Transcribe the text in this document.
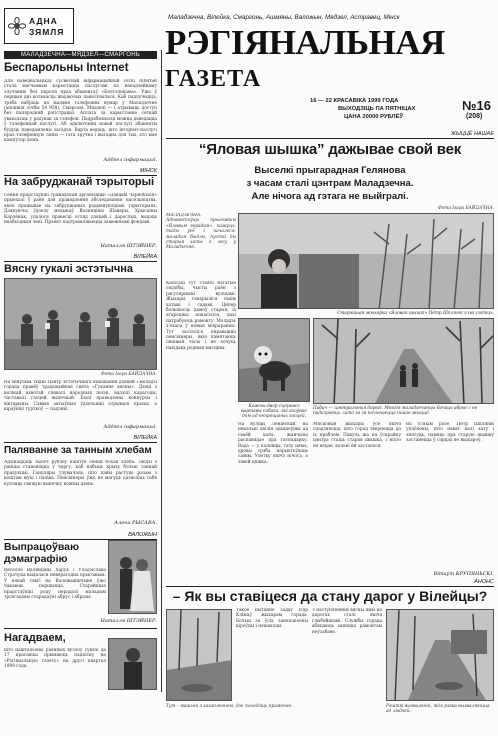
АДНА
ЗЯМЛЯ
Маладзечна, Вілейка, Смаргонь, Ашмяны, Валожын, Мядзел, Астравец, Мінск
РЭГІЯНАЛЬНАЯ
ГАЗЕТА
16 — 22 КРАСАВІКА 1999 ГОДА
ВЫХОДЗІЦЬ ПА ПЯТНІЦАХ
ЦАНА 20000 РУБЛЁЎ
№16
(208)
МАЛАДЗЕЧНА—МЯДЗЕЛ—СМАРГОНЬ
Беспарольны Internet
Для наведвальнікаў сусветнай інфармацыйнай сеткі Internet стала магчымым карыстацца паслугамі па ненадзейнаму злучэнню без пароля праз абанентаў «Белтэлекама». Ужо ў першыя дні колькасць жадаючых павялічылася. Каб падлучыцца, трэба набраць на мадэме тэлефонны нумар у Маладзечне (апошнія лічбы 54 958), Смаргоні, Мядзелі — і атрымаць доступ без папярэдняй рэгістрацыі. Аплата за карыстанне сеткай уваходзіць у рахунак за тэлефон. Падрабязнасці можна даведацца ў тэлефоннай паслугі. Аб адключэнні новай паслугі абаненты будуць паведамлены загадзя. Варта ведаць, што інтэрнэт-паслугі праз тэлефонную лінію — гэта зручна і выгадна для тых, хто мае кампутар дома.
Аддзел інфармацыі.
МІНСК
На забруджанай тэрыторыі
Сёння прадстаўнікі грамадскай арганізацыі «Дзецям Чарнобыля» прыехалі ў раён для правядзення абследавання насельніцтва, якое пражывае на забруджаных радыенуклідамі тэрыторыях. Дзякуючы ўдзелу медыкаў Валянціны Шавяры, Хрысціны Карлёнак, удалося правесці огляд дзяцей і дарослых, выдаць неабходныя лекі. Праект падтрымліваецца замежнымі фондамі.
Наталля ШТЭЙНЕР.
ВІЛЕЙКА
Вясну гукалі эстэтычна
Фота Ігара БАЙДАЧНА.
На мінулым тыдні Цэнтр эстэтычнага выхавання дзяцей і моладзі горада правёў традыцыйнае свята «Гуканне вясны». Дзеці з вялікай ахвотай спявалі народныя песні, вадзілі карагоды, частавалі гасцей выпечкай. Былі праведзены конкурсы і віктарыны. Самыя актыўныя ўдзельнікі атрымалі прызы, а кіраўнікі гурткоў — падзякі.
Аддзел інфармацыі.
ВІЛЕЙКА
Паляванне за танным хлебам
Адзінаццаць тысяч рублёў каштуе сёння бохан хлеба. Людзі з раніцы становяцца ў чаргу, каб набыць крыху больш таннай прадукцыі. Гандляры тлумачаць, што цэны растуць разам з коштам мукі і паліва. Пенсіянеры ўжо не могуць дазволіць сабе купляць свежую выпечку кожны дзень.
Алена РЫСАВА.
ВАЛОЖЫН
Выпрацоўваю
дэмаграфію
Вяселле Валянціны Харук і Уладзіслава Страчука выдалася неверагодна прыгожым. У новай сям'і на Валожыншчыне ўжо чакаюць першынца. Старэйшыя прадстаўнікі роду перадалі маладым трохгадовы старадаўні абрус і абразы.
Наталля ШТЭЙНЕР.
Нагадваем,
што паштальёны раённых вузлоў сувязі да 17 красавіка прымаюць падпіску на «Рэгіянальную газету» на другі квартал 1999 года.
ЖЫЦЦЁ НАШАЕ
“Яловая шышка” дажывае свой век
Выселкі прыгарадная Гелянова
з часам сталі цэнтрам Маладзечна.
Але нічога ад гэтага не выйгралі.
Фота Ігара БАЙДАЧНА.
МАЛАДЗЕЧНА. Аднавяскоўцы прыгожым «Яловым горадам», кажуць, тады ўсё і пачалося: маладыя быдлы, пусткі ды старыя хаты з лесу ў Маладзечне.
Калісьці тут стаялі багатыя сядзібы, чысты раён з рэгулярнымі вуліцамі. Жыхары ганарыліся сваім хатамі і садамі. Цяпер большасць дамоў старыя, іх агароджы пакасіліся, дахі патрабуюць рамонту. Моладзь з'ехала ў новыя мікрараёны. Тут засталіся пераважна пенсіянеры, якія памятаюць лепшыя часы і не хочуць пакідаць родныя мясціны.
Старэйшая жыхарка «Яловай шышкі» Пётр Шклянік з імі сядзіць.
Кожны двор сцеражэ вартавы сабака, які ахоўвае дом ад непрошаных гасцей.
Пабач — цэнтральныя дарогі. Многія маладзечанцы бачаць абрыс і не падазраюць, што за ім пачынаецца іншае жыццё.
На вуліцы Ленінскай, на некалькі хвілін адышоўшы ад сваёй хаты, жанчына распавядае пра гаспадарку. Вада — у калонцы, газу няма, дровы трэба нарыхтоўваць самім. Улетку яшчэ нічога, а зімой цяжка.
Мясцовыя жыхары ўсё яшчэ спадзяюцца, што горад звернецца да іх праблем. Пакуль жа на ўскрайку цэнтра стаіць старая шышка, і ніхто не ведае, колькі ёй засталося.
Ва ўсякім разе, Пётр Шклянік упэўнены, што нават калі хату і знясуць, памяць пра старую шышку застанецца ў сэрцах яе жыхароў.
Вітаўт КРУПЯНЬСКІ.
АНОНС
– Як вы ставіцеся да стану дарог у Вілейцы?
Такое пытанне задаў Ігар Клімаў жыхарам горада. Больш за ўсіх занепакоены кіроўцы і пешаходы.
З наступленнем вясны ямы на дарогах сталі яшчэ глыбейшымі. Службы горада абяцаюць заняцца рамонтам неўзабаве.
Тут – машыні з захапленнем, дзе сыходзіць праменне.	Рэшткі вызваленні, якія рэзка вызваляюцца ад людзей.
